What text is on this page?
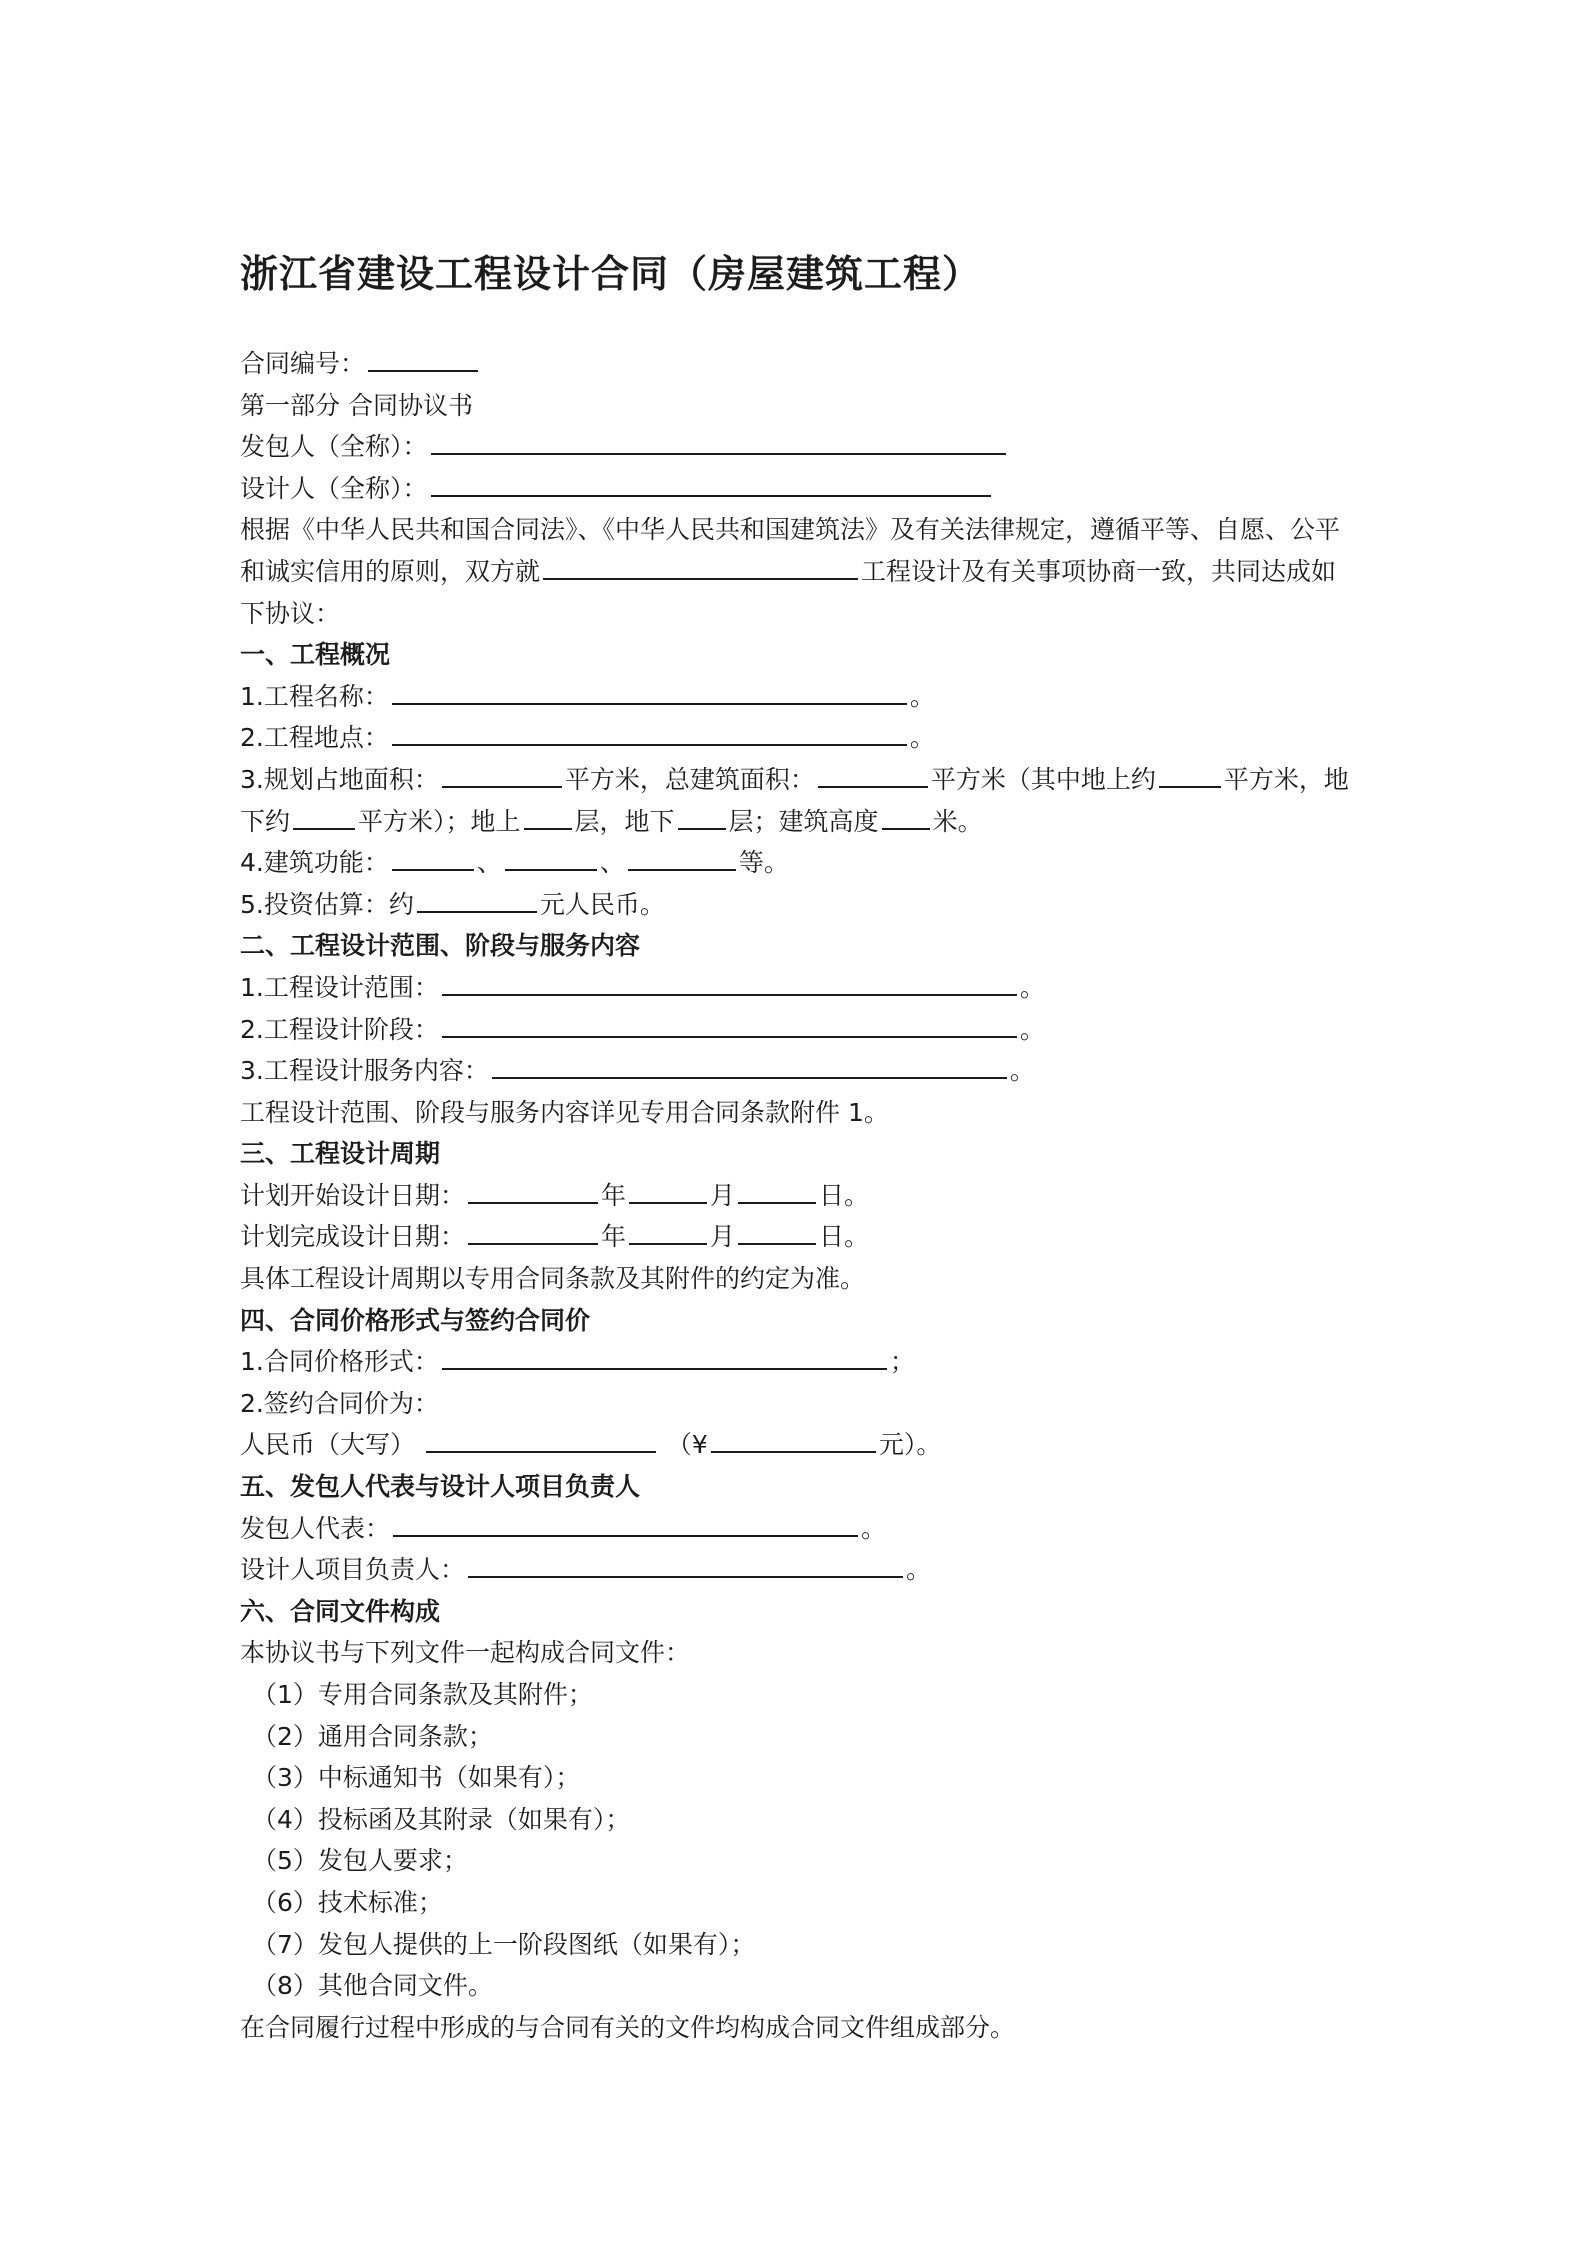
浙江省建设工程设计合同（房屋建筑工程）
合同编号：
第一部分 合同协议书
发包人（全称）：
设计人（全称）：
根据《中华人民共和国合同法》、《中华人民共和国建筑法》及有关法律规定，遵循平等、自愿、公平和诚实信用的原则，双方就	工程设计及有关事项协商一致，共同达成如下协议：
一、工程概况
1.工程名称：	。
2.工程地点：	。
3.规划占地面积：	平方米，总建筑面积：	平方米（其中地上约	平方米，地下约	平方米）；地上 层，地下 层；建筑高度 米。
4.建筑功能：	、	、	等。
5.投资估算：约	元人民币。
二、工程设计范围、阶段与服务内容
1.工程设计范围：	。
2.工程设计阶段：	。
3.工程设计服务内容：	。
工程设计范围、阶段与服务内容详见专用合同条款附件 1。
三、工程设计周期
计划开始设计日期：	年	月	日。
计划完成设计日期：	年	月	日。
具体工程设计周期以专用合同条款及其附件的约定为准。
四、合同价格形式与签约合同价
1.合同价格形式：	；
2.签约合同价为：
人民币（大写）	（¥	元）。
五、发包人代表与设计人项目负责人
发包人代表：	。
设计人项目负责人：	。
六、合同文件构成
本协议书与下列文件一起构成合同文件：
（1）专用合同条款及其附件；
（2）通用合同条款；
（3）中标通知书（如果有）；
（4）投标函及其附录（如果有）；
（5）发包人要求；
（6）技术标准；
（7）发包人提供的上一阶段图纸（如果有）；
（8）其他合同文件。
在合同履行过程中形成的与合同有关的文件均构成合同文件组成部分。
